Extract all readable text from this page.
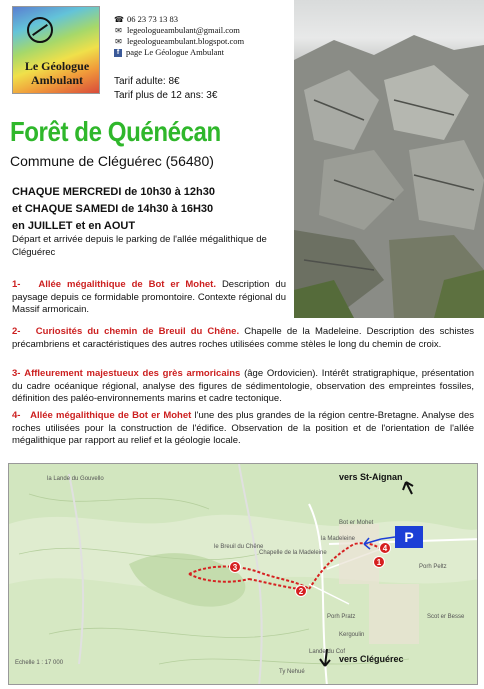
Le Géologue
Ambulant
☎ 06 23 73 13 83
✉ legeologueambulant@gmail.com
✉ legeologueambulant.blogspot.com
f page Le Géologue Ambulant
Tarif adulte: 8€
Tarif plus de 12 ans: 3€
Forêt de Quénécan
Commune de Cléguérec (56480)
CHAQUE MERCREDI de 10h30 à 12h30
et CHAQUE SAMEDI de 14h30 à 16H30
en JUILLET et en AOUT
Départ et arrivée depuis le parking de l'allée mégalithique de Cléguérec
1- Allée mégalithique de Bot er Mohet. Description du paysage depuis ce formidable promontoire. Contexte régional du Massif armoricain.
2- Curiosités du chemin de Breuil du Chêne. Chapelle de la Madeleine. Description des schistes précambriens et caractéristiques des autres roches utilisées comme stèles le long du chemin de croix.
3- Affleurement majestueux des grès armoricains (âge Ordovicien). Intérêt stratigraphique, présentation du cadre océanique régional, analyse des figures de sédimentologie, observation des empreintes fossiles, définition des paléo-environnements marins et cadre tectonique.
4- Allée mégalithique de Bot er Mohet l'une des plus grandes de la région centre-Bretagne. Analyse des roches utilisées pour la construction de l'édifice. Observation de la position et de l'orientation de l'allée mégalithique par rapport au relief et la géologie locale.
vers St-Aignan
vers Cléguérec
P
1
2
3
4
la Lande du Gouvello
Bot er Mohet
la Madeleine
Chapelle de la Madeleine
Porh Pratz
Kergoulin
Lande du Cof
Porh Peltz
Scot er Besse
Ty Nehué
le Breuil du Chêne
Echelle 1 : 17 000
